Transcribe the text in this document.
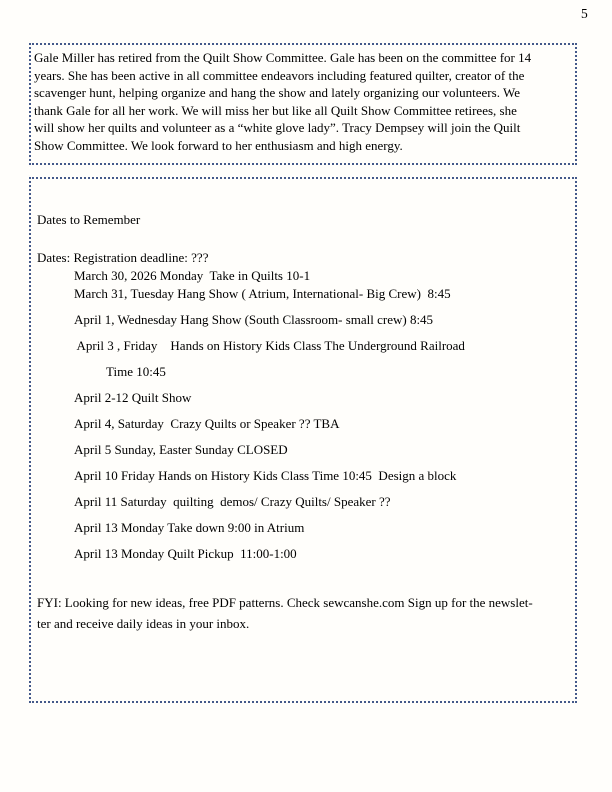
5
Gale Miller has retired from the Quilt Show Committee. Gale has been on the committee for 14
years. She has been active in all committee endeavors including featured quilter, creator of the
scavenger hunt, helping organize and hang the show and lately organizing our volunteers. We
thank Gale for all her work. We will miss her but like all Quilt Show Committee retirees, she
will show her quilts and volunteer as a “white glove lady”. Tracy Dempsey will join the Quilt
Show Committee. We look forward to her enthusiasm and high energy.
Dates to Remember
Dates: Registration deadline: ???
March 30, 2026 Monday  Take in Quilts 10-1
March 31, Tuesday Hang Show ( Atrium, International- Big Crew)  8:45
April 1, Wednesday Hang Show (South Classroom- small crew) 8:45
April 3 , Friday    Hands on History Kids Class The Underground Railroad
Time 10:45
April 2-12 Quilt Show
April 4, Saturday  Crazy Quilts or Speaker ?? TBA
April 5 Sunday, Easter Sunday CLOSED
April 10 Friday Hands on History Kids Class Time 10:45  Design a block
April 11 Saturday  quilting  demos/ Crazy Quilts/ Speaker ??
April 13 Monday Take down 9:00 in Atrium
April 13 Monday Quilt Pickup  11:00-1:00
FYI: Looking for new ideas, free PDF patterns. Check sewcanshe.com Sign up for the newslet-
ter and receive daily ideas in your inbox.
